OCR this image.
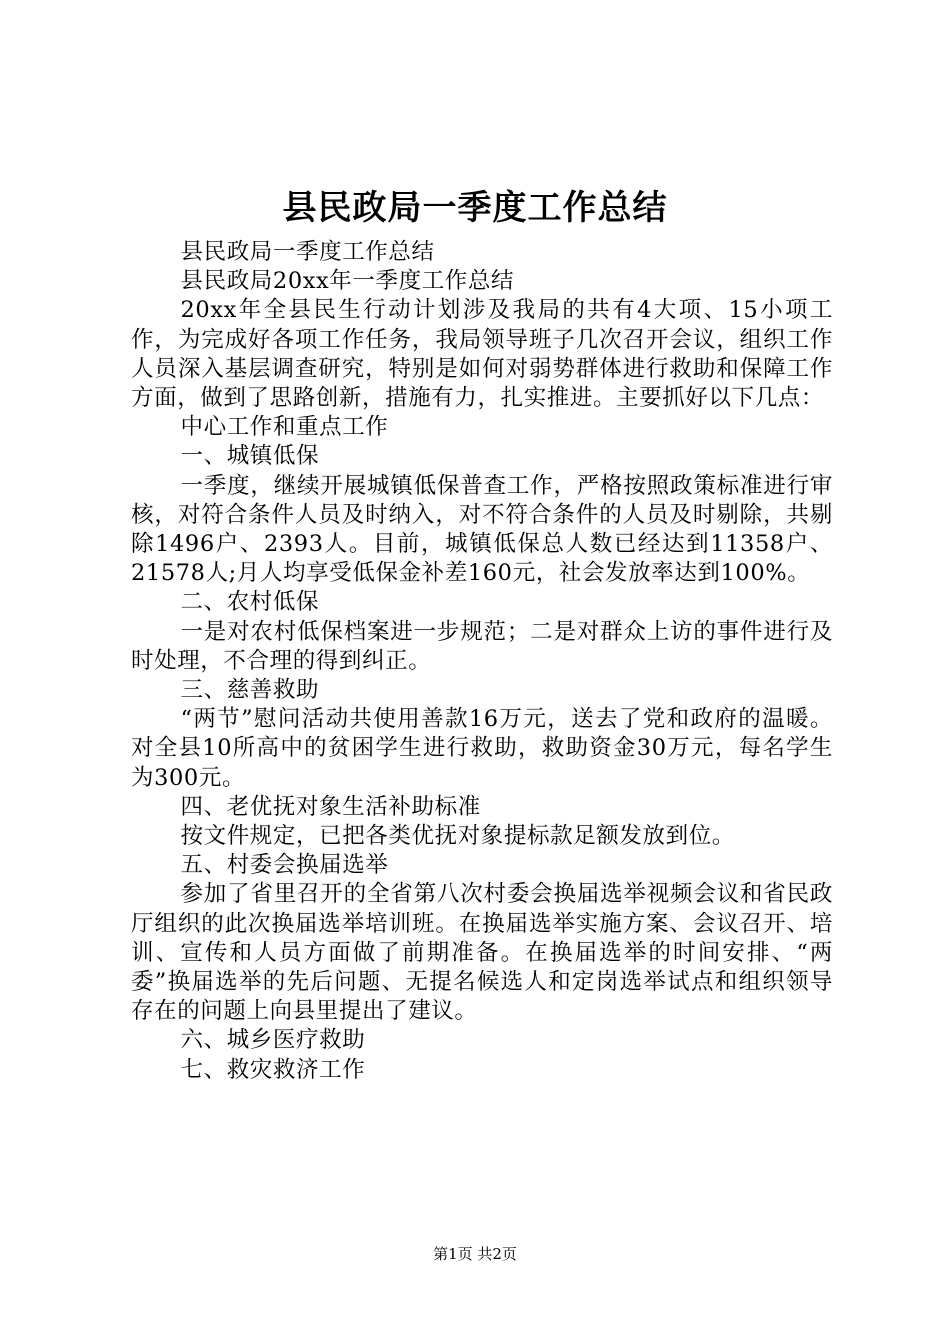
县民政局一季度工作总结

县民政局一季度工作总结

县民政局20xx年一季度工作总结

20xx年全县民生行动计划涉及我局的共有4大项、15小项工作，为完成好各项工作任务，我局领导班子几次召开会议，组织工作人员深入基层调查研究，特别是如何对弱势群体进行救助和保障工作方面，做到了思路创新，措施有力，扎实推进。主要抓好以下几点：

中心工作和重点工作

一、城镇低保

一季度，继续开展城镇低保普查工作，严格按照政策标准进行审核，对符合条件人员及时纳入，对不符合条件的人员及时剔除，共剔除1496户、2393人。目前，城镇低保总人数已经达到11358户、21578人;月人均享受低保金补差160元，社会发放率达到100%。

二、农村低保

一是对农村低保档案进一步规范；二是对群众上访的事件进行及时处理，不合理的得到纠正。

三、慈善救助

“两节”慰问活动共使用善款16万元，送去了党和政府的温暖。对全县10所高中的贫困学生进行救助，救助资金30万元，每名学生为300元。

四、老优抚对象生活补助标准

按文件规定，已把各类优抚对象提标款足额发放到位。

五、村委会换届选举

参加了省里召开的全省第八次村委会换届选举视频会议和省民政厅组织的此次换届选举培训班。在换届选举实施方案、会议召开、培训、宣传和人员方面做了前期准备。在换届选举的时间安排、“两委”换届选举的先后问题、无提名候选人和定岗选举试点和组织领导存在的问题上向县里提出了建议。

六、城乡医疗救助

七、救灾救济工作

第1页 共2页
